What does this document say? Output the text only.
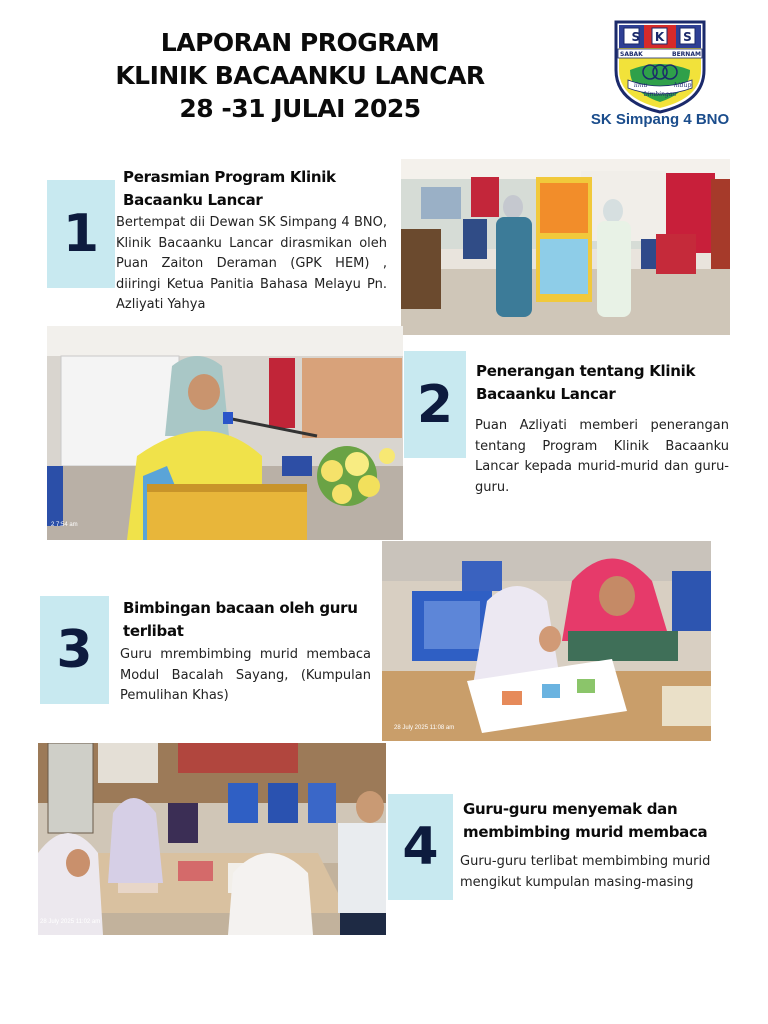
LAPORAN PROGRAM
KLINIK BACAANKU LANCAR
28 -31 JULAI 2025
S K S
SABAK	BERNAM
ilmu	hidup
bimbingan
SK Simpang 4 BNO
1
Perasmian Program Klinik
Bacaanku Lancar
Bertempat dii Dewan SK Simpang 4 BNO, Klinik Bacaanku Lancar dirasmikan oleh Puan Zaiton Deraman (GPK HEM) , diiringi Ketua Panitia Bahasa Melayu Pn. Azliyati Yahya
2 7:54 am
2
Penerangan tentang Klinik
Bacaanku Lancar
Puan Azliyati memberi penerangan tentang Program Klinik Bacaanku Lancar kepada murid-murid dan guru-guru.
3
Bimbingan bacaan oleh guru
terlibat
Guru mrembimbing murid membaca Modul Bacalah Sayang, (Kumpulan Pemulihan Khas)
28 July 2025 11:08 am
28 July 2025 11:02 am
4
Guru-guru menyemak dan
membimbing murid membaca
Guru-guru terlibat membimbing murid mengikut kumpulan masing-masing
